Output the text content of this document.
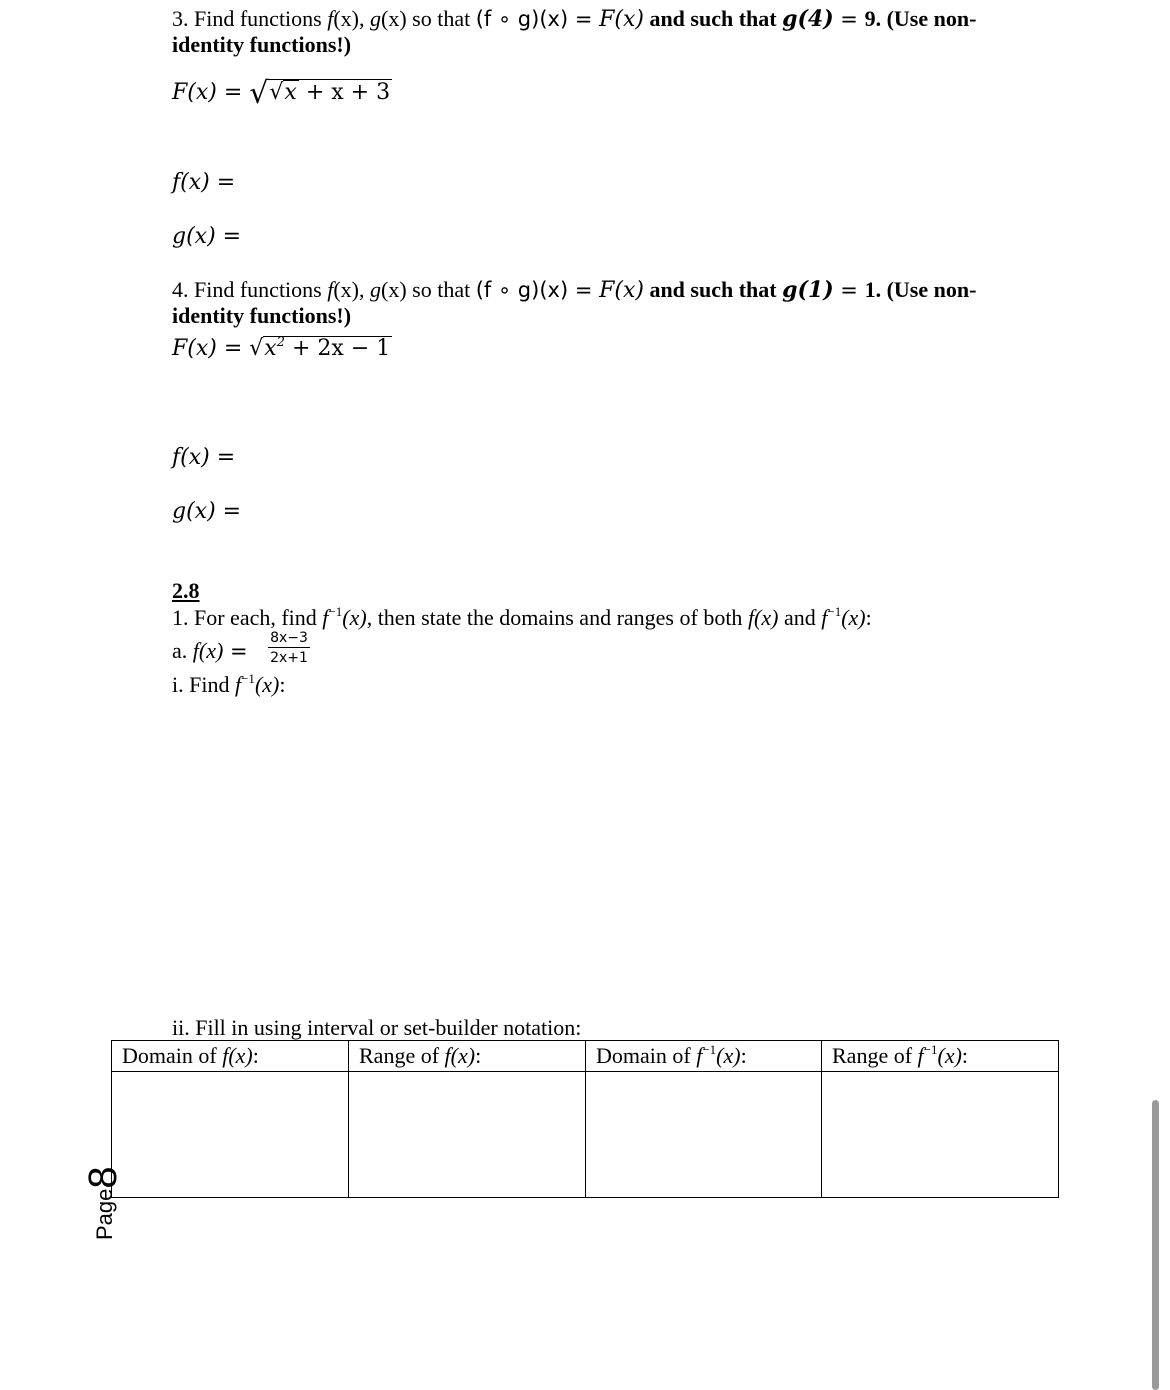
3. Find functions f(x), g(x) so that (f ∘ g)(x) = F(x) and such that g(4) = 9. (Use non-
identity functions!)
F(x) = √√x + x + 3
f(x) =
g(x) =
4. Find functions f(x), g(x) so that (f ∘ g)(x) = F(x) and such that g(1) = 1. (Use non-
identity functions!)
$F(x) = √x^2 + 2x - 1$
f(x) =
g(x) =
2.8
1. For each, find $f^{-1}(x)$, then state the domains and ranges of both f(x) and $f^{-1}(x)$:
a. $f(x) = \frac{8x-3}{2x+1}$
i. Find $f^{-1}(x)$:
ii. Fill in using interval or set-builder notation:
Domain of f(x):	Range of f(x):	Domain of $f^{-1}(x)$:	Range of $f^{-1}(x)$:

Page8
